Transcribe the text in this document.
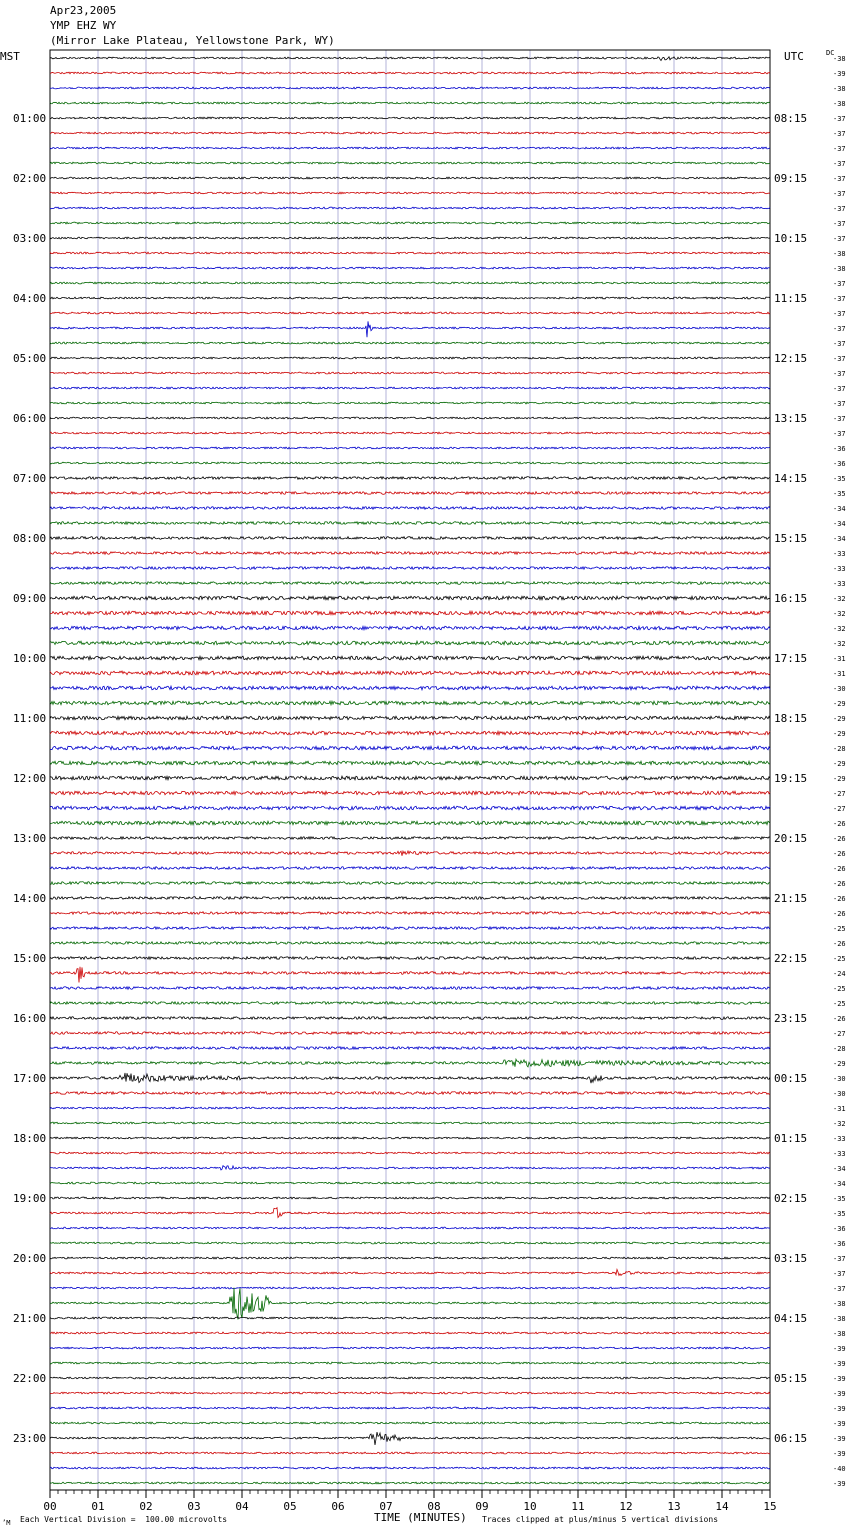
Apr23,2005
YMP EHZ WY
(Mirror Lake Plateau, Yellowstone Park, WY)
MST	UTC	DC
-38
-39
-38
-38
-37
-37
-37
-37
-37
-37
-37
-37
-37
-38
-38
-37
-37
-37
-37
-37
-37
-37
-37
-37
-37
-37
-36
-36
-35
-35
-34
-34
-34
-33
-33
-33
-32
-32
-32
-32
-31
-31
-30
-29
-29
-29
-28
-29
-29
-27
-27
-26
-26
-26
-26
-26
-26
-26
-25
-26
-25
-24
-25
-25
-26
-27
-28
-29
-30
-30
-31
-32
-33
-33
-34
-34
-35
-35
-36
-36
-37
-37
-37
-38
-38
-38
-39
-39
-39
-39
-39
-39
-39
-39
-40
-39
01:00
02:00
03:00
04:00
05:00
06:00
07:00
08:00
09:00
10:00
11:00
12:00
13:00
14:00
15:00
16:00
17:00
18:00
19:00
20:00
21:00
22:00
23:00
08:15
09:15
10:15
11:15
12:15
13:15
14:15
15:15
16:15
17:15
18:15
19:15
20:15
21:15
22:15
23:15
00:15
01:15
02:15
03:15
04:15
05:15
06:15
00	01	02	03	04	05	06	07	08	09	10	11	12	13	14	15
TIME (MINUTES)
Each Vertical Division =  100.00 microvolts	Traces clipped at plus/minus 5 vertical divisions
’M
